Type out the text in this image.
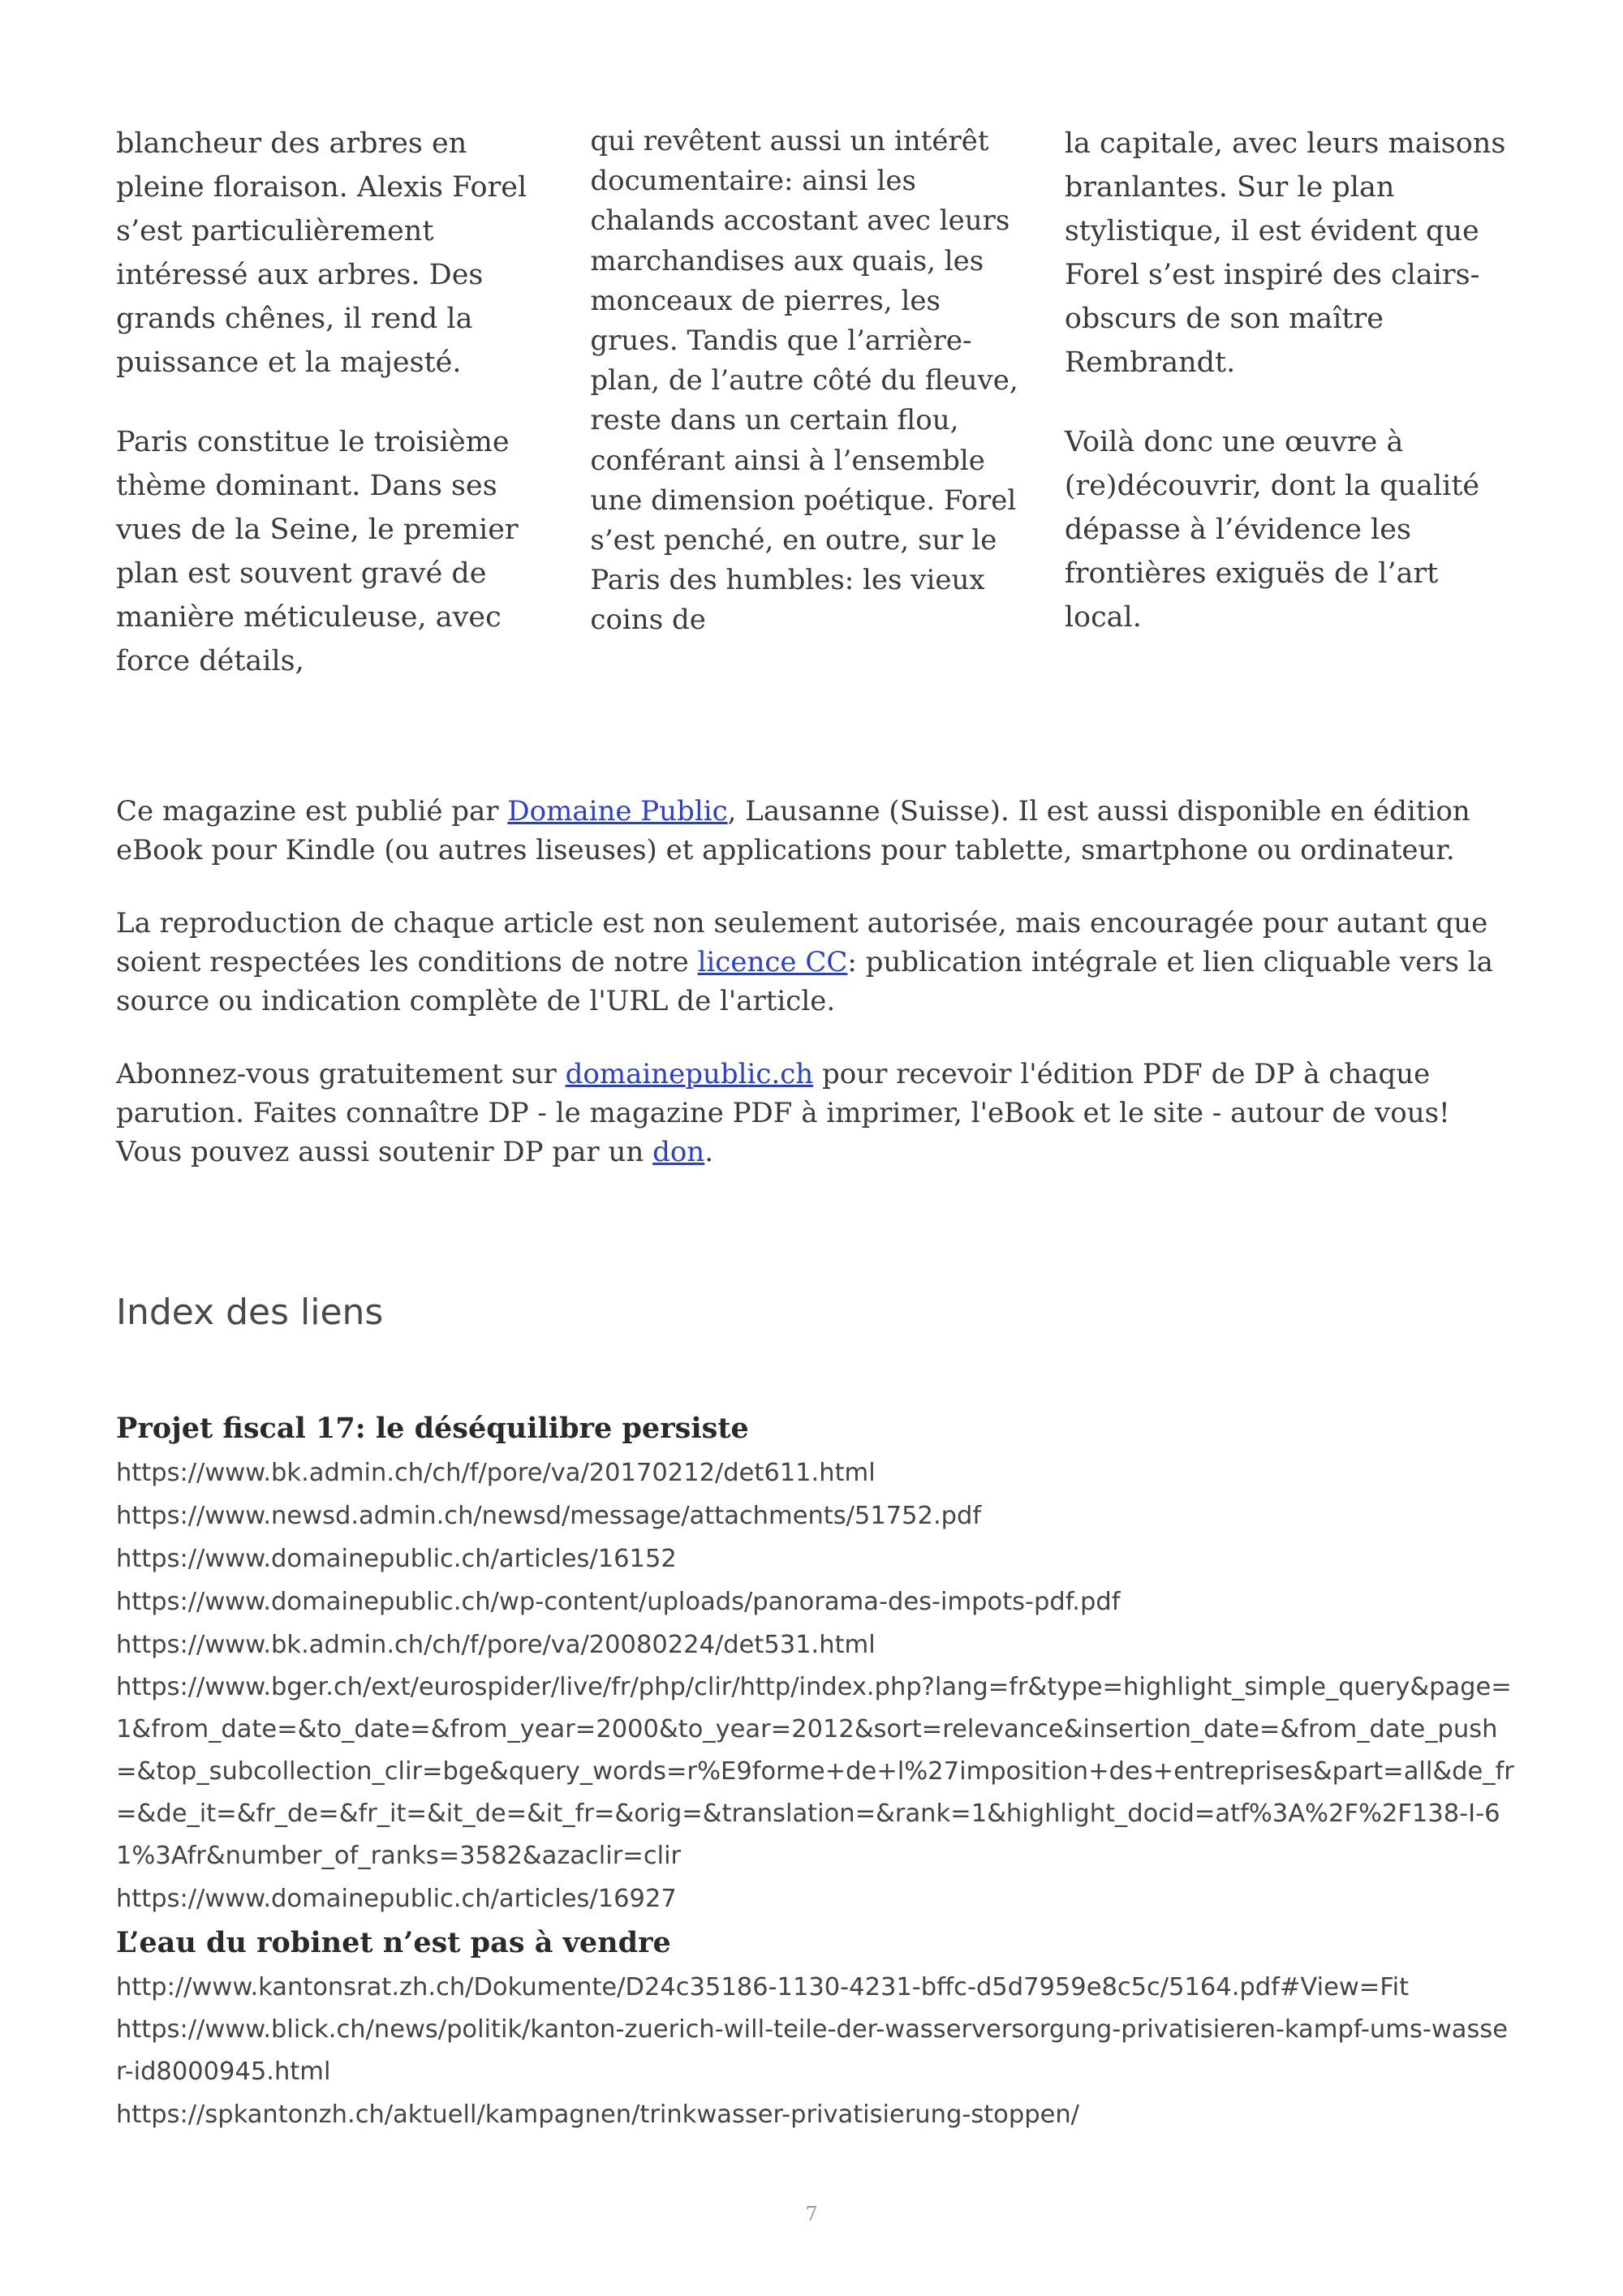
blancheur des arbres en pleine floraison. Alexis Forel s’est particulièrement intéressé aux arbres. Des grands chênes, il rend la puissance et la majesté.

Paris constitue le troisième thème dominant. Dans ses vues de la Seine, le premier plan est souvent gravé de manière méticuleuse, avec force détails,

qui revêtent aussi un intérêt documentaire: ainsi les chalands accostant avec leurs marchandises aux quais, les monceaux de pierres, les grues. Tandis que l’arrière-plan, de l’autre côté du fleuve, reste dans un certain flou, conférant ainsi à l’ensemble une dimension poétique. Forel s’est penché, en outre, sur le Paris des humbles: les vieux coins de

la capitale, avec leurs maisons branlantes. Sur le plan stylistique, il est évident que Forel s’est inspiré des clairs-obscurs de son maître Rembrandt.

Voilà donc une œuvre à (re)découvrir, dont la qualité dépasse à l’évidence les frontières exiguës de l’art local.

Ce magazine est publié par Domaine Public, Lausanne (Suisse). Il est aussi disponible en édition eBook pour Kindle (ou autres liseuses) et applications pour tablette, smartphone ou ordinateur.

La reproduction de chaque article est non seulement autorisée, mais encouragée pour autant que soient respectées les conditions de notre licence CC: publication intégrale et lien cliquable vers la source ou indication complète de l'URL de l'article.

Abonnez-vous gratuitement sur domainepublic.ch pour recevoir l'édition PDF de DP à chaque parution. Faites connaître DP - le magazine PDF à imprimer, l'eBook et le site - autour de vous! Vous pouvez aussi soutenir DP par un don.

Index des liens
Projet fiscal 17: le déséquilibre persiste
https://www.bk.admin.ch/ch/f/pore/va/20170212/det611.html
https://www.newsd.admin.ch/newsd/message/attachments/51752.pdf
https://www.domainepublic.ch/articles/16152
https://www.domainepublic.ch/wp-content/uploads/panorama-des-impots-pdf.pdf
https://www.bk.admin.ch/ch/f/pore/va/20080224/det531.html
https://www.bger.ch/ext/eurospider/live/fr/php/clir/http/index.php?lang=fr&type=highlight_simple_query&page=1&from_date=&to_date=&from_year=2000&to_year=2012&sort=relevance&insertion_date=&from_date_push=&top_subcollection_clir=bge&query_words=r%E9forme+de+l%27imposition+des+entreprises&part=all&de_fr=&de_it=&fr_de=&fr_it=&it_de=&it_fr=&orig=&translation=&rank=1&highlight_docid=atf%3A%2F%2F138-I-61%3Afr&number_of_ranks=3582&azaclir=clir
https://www.domainepublic.ch/articles/16927
L’eau du robinet n’est pas à vendre
http://www.kantonsrat.zh.ch/Dokumente/D24c35186-1130-4231-bffc-d5d7959e8c5c/5164.pdf#View=Fit
https://www.blick.ch/news/politik/kanton-zuerich-will-teile-der-wasserversorgung-privatisieren-kampf-ums-wasser-id8000945.html
https://spkantonzh.ch/aktuell/kampagnen/trinkwasser-privatisierung-stoppen/
7
